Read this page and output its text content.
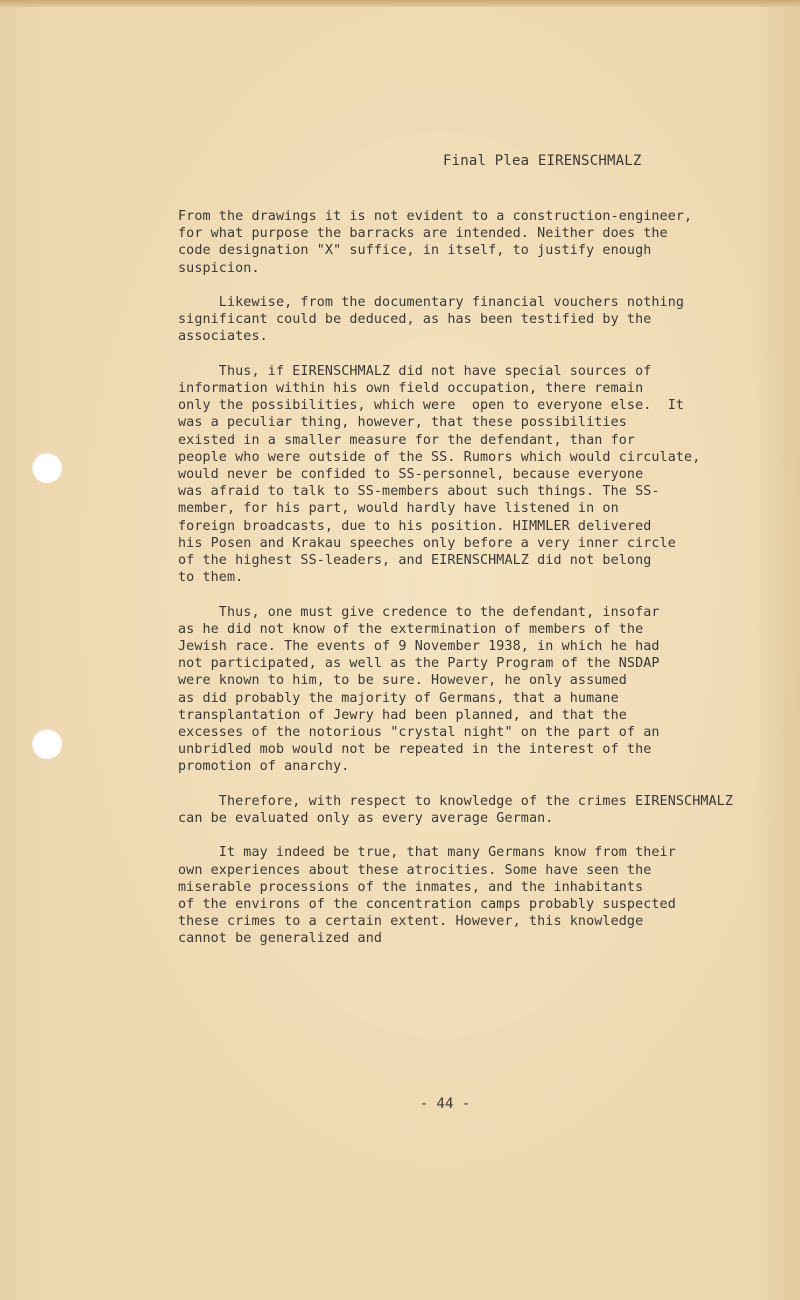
Final Plea EIRENSCHMALZ
From the drawings it is not evident to a construction-engineer,
for what purpose the barracks are intended. Neither does the
code designation "X" suffice, in itself, to justify enough
suspicion.
Likewise, from the documentary financial vouchers nothing
significant could be deduced, as has been testified by the
associates.
Thus, if EIRENSCHMALZ did not have special sources of
information within his own field occupation, there remain
only the possibilities, which were  open to everyone else.  It
was a peculiar thing, however, that these possibilities
existed in a smaller measure for the defendant, than for
people who were outside of the SS. Rumors which would circulate,
would never be confided to SS-personnel, because everyone
was afraid to talk to SS-members about such things. The SS-
member, for his part, would hardly have listened in on
foreign broadcasts, due to his position. HIMMLER delivered
his Posen and Krakau speeches only before a very inner circle
of the highest SS-leaders, and EIRENSCHMALZ did not belong
to them.
Thus, one must give credence to the defendant, insofar
as he did not know of the extermination of members of the
Jewish race. The events of 9 November 1938, in which he had
not participated, as well as the Party Program of the NSDAP
were known to him, to be sure. However, he only assumed
as did probably the majority of Germans, that a humane
transplantation of Jewry had been planned, and that the
excesses of the notorious "crystal night" on the part of an
unbridled mob would not be repeated in the interest of the
promotion of anarchy.
Therefore, with respect to knowledge of the crimes EIRENSCHMALZ
can be evaluated only as every average German.
It may indeed be true, that many Germans know from their
own experiences about these atrocities. Some have seen the
miserable processions of the inmates, and the inhabitants
of the environs of the concentration camps probably suspected
these crimes to a certain extent. However, this knowledge
cannot be generalized and
- 44 -
